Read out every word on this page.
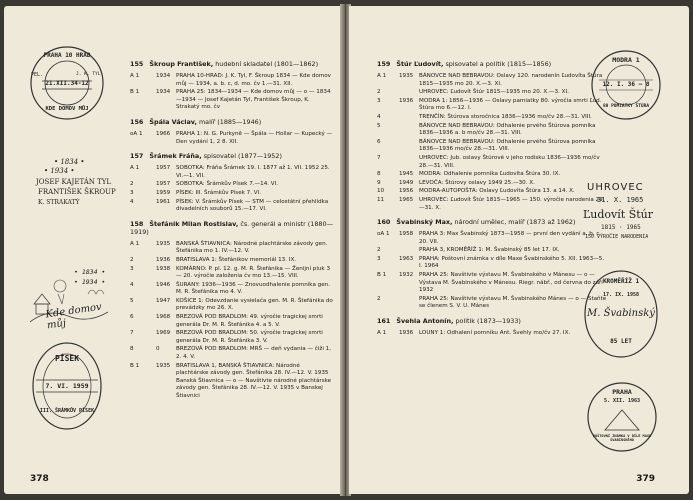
155 Škroup František, hudební skladatel (1801—1862)
A 1	1934	PRAHA 10-HRAD: J. K. Tyl, F. Škroup 1834 — Kde domov můj — 1934, a. b. c, d. mo. čv 1.—31. XII.
B 1	1934	PRAHA 25: 1834—1934 — Kde domov můj — o — 1834—1934 — Josef Kajetán Tyl, František Škroup, K. Strakatý mo. čv
156 Špála Václav, malíř (1885—1946)
oA 1	1966	PRAHA 1: N. G. Purkyně — Špála — Hollar — Kupecký — Den vydání 1, 2 8. XII.
157 Šrámek Fráňa, spisovatel (1877—1952)
A 1	1957	SOBOTKA: Fráňa Šrámek 19. I. 1877 až 1. VII. 1952 25. VI.—1. VII.
2	1957	SOBOTKA: Šrámkův Písek 7.—14. VI.
3	1959	PÍSEK: III. Šrámkův Písek 7. VI.
4	1961	PÍSEK: V. Šrámkův Písek — STM — celostátní přehlídka divadelních souborů 15.—17. VI.
158 Štefánik Milan Rostislav, čs. generál a ministr (1880—1919)
A 1	1935	BANSKÁ ŠTIAVNICA: Národné plachtárske závody gen. Štefánika mo 1. IV.—12. V.
2	1936	BRATISLAVA 1: Štefánikov memoriál 13. IX.
3	1938	KOMÁRNO: P. pl. 12. g. M. R. Štefánika — Ženijní pluk 3 — 20. výročie založenia čv mo 13.—15. VIII.
4	1946	ŠURANY: 1936—1936 — Znovuodhalenie pomníka gen. M. R. Štefánika mo 4. V.
5	1947	KOŠICE 1: Odevzdanie vysielača gen. M. R. Štefánika do prevádzky mo 26. X.
6	1968	BREZOVÁ POD BRADLOM: 49. výročie tragickej smrti generála Dr. M. R. Štefánika 4. a 5. V.
7	1969	BREZOVÁ POD BRADLOM: 50. výročie tragickej smrti generála Dr. M. R. Štefánika 3. V.
8	0	BREZOVÁ POD BRADLOM: MRŠ — deň vydania — čiži 1, 2. 4. V.
B 1	1935	BRATISLAVA 1, BANSKÁ ŠTIAVNICA: Národné plachtárske závody gen. Štefánika 28. IV.—12. V. 1935 Banská Štiavnica — o — Navštivte národné plachtárske závody gen. Štefánika 28. IV.—12. V. 1935 v Banskej Štiavnici
PRAHA 10 HRAD
21.XII.34-12
KDE DOMOV MŮJ
PEL.	J. K. TYL
• 1834 •
• 1934 •
JOSEF KAJETÁN TYL
FRANTIŠEK ŠKROUP
K. STRAKATÝ
• 1834 •
• 1934 •
Kde domov můj
PÍSEK
7. VI. 1959
III. ŠRÁMKŮV PÍSEK
378
159 Štúr Ľudovít, spisovatel a politik (1815—1856)
A 1	1935	BÁNOVCE NAD BEBRAVOU: Oslavy 120. narodenín Ľudovíta Štúra 1815—1935 mo 20. X.—3. XI.
2	UHROVEC: Ľudovít Štúr 1815—1935 mo 20. X.—3. XI.
3	1936	MODRA 1: 1856—1936 — Oslavy pamiatky 80. výročia smrti Ľud. Štúra mo 6.—12. I.
4	TRENČÍN: Štúrova storočnica 1836—1936 mo/čv 28.—31. VIII.
5	BÁNOVCE NAD BEBRAVOU: Odhalenie prvého Štúrova pomníka 1836—1936 a. b mo/čv 28.—31. VIII.
6	BÁNOVCE NAD BEBRAVOU: Odhalenie prvého Štúrova pomníka 1836—1936 mo/čv 28.—31. VIII.
7	UHROVEC: Jub. oslavy Štúrové v jeho rodisku 1836—1936 mo/čv 28.—31. VIII.
8	1945	MODRA: Odhalenie pomníka Ľudovíta Štúra 30. IX.
9	1949	LEVOČA: Štúrovy oslavy 1949 25.—30. X.
10	1956	MODRA-AUTOPOŠTA: Oslavy Ľudovíta Štúra 13. a 14. X.
11	1965	UHROVEC: Ľudovít Štúr 1815—1965 — 150. výročie narodenia 29.—31. X.
160 Švabinský Max, národní umělec, malíř (1873 až 1962)
oA 1	1958	PRAHA 3: Max Švabinský 1873—1958 — první den vydání a. b. c 20. VII.
2	PRAHA 3, KROMĚŘÍŽ 1: M. Švabinský 85 let 17. IX.
3	1963	PRAHA: Poštovní známka v díle Maxe Švabinského 5. XII. 1963—5. I. 1964
B 1	1932	PRAHA 25: Navštivte výstavu M. Švabinského v Mánesu — o — Výstava M. Švabinského v Mánesu. Riegr. nábř., od června do září 1932
2	PRAHA 25: Navštivte výstavu M. Švabinského Mánes — o — Staňte se členem S. V. U. Mánes
161 Švehla Antonín, politik (1873—1933)
A 1	1936	LOUNY 1: Odhalení pomníku Ant. Švehly mo/čv 27. IX.
MODRA 1
12. I. 36 — 8
80 POMIATKY ŠTÚRA
UHROVEC
31. X. 1965
Ľudovít Štúr
1815 · 1965
150 VÝROČIE NARODENIA
KROMĚŘÍŽ 1
17. IX. 1958
M. Švabinský
85 LET
PRAHA
5. XII. 1963
POŠTOVNÍ ZNÁMKA V DÍLE MAXE ŠVABINSKÉHO
379
